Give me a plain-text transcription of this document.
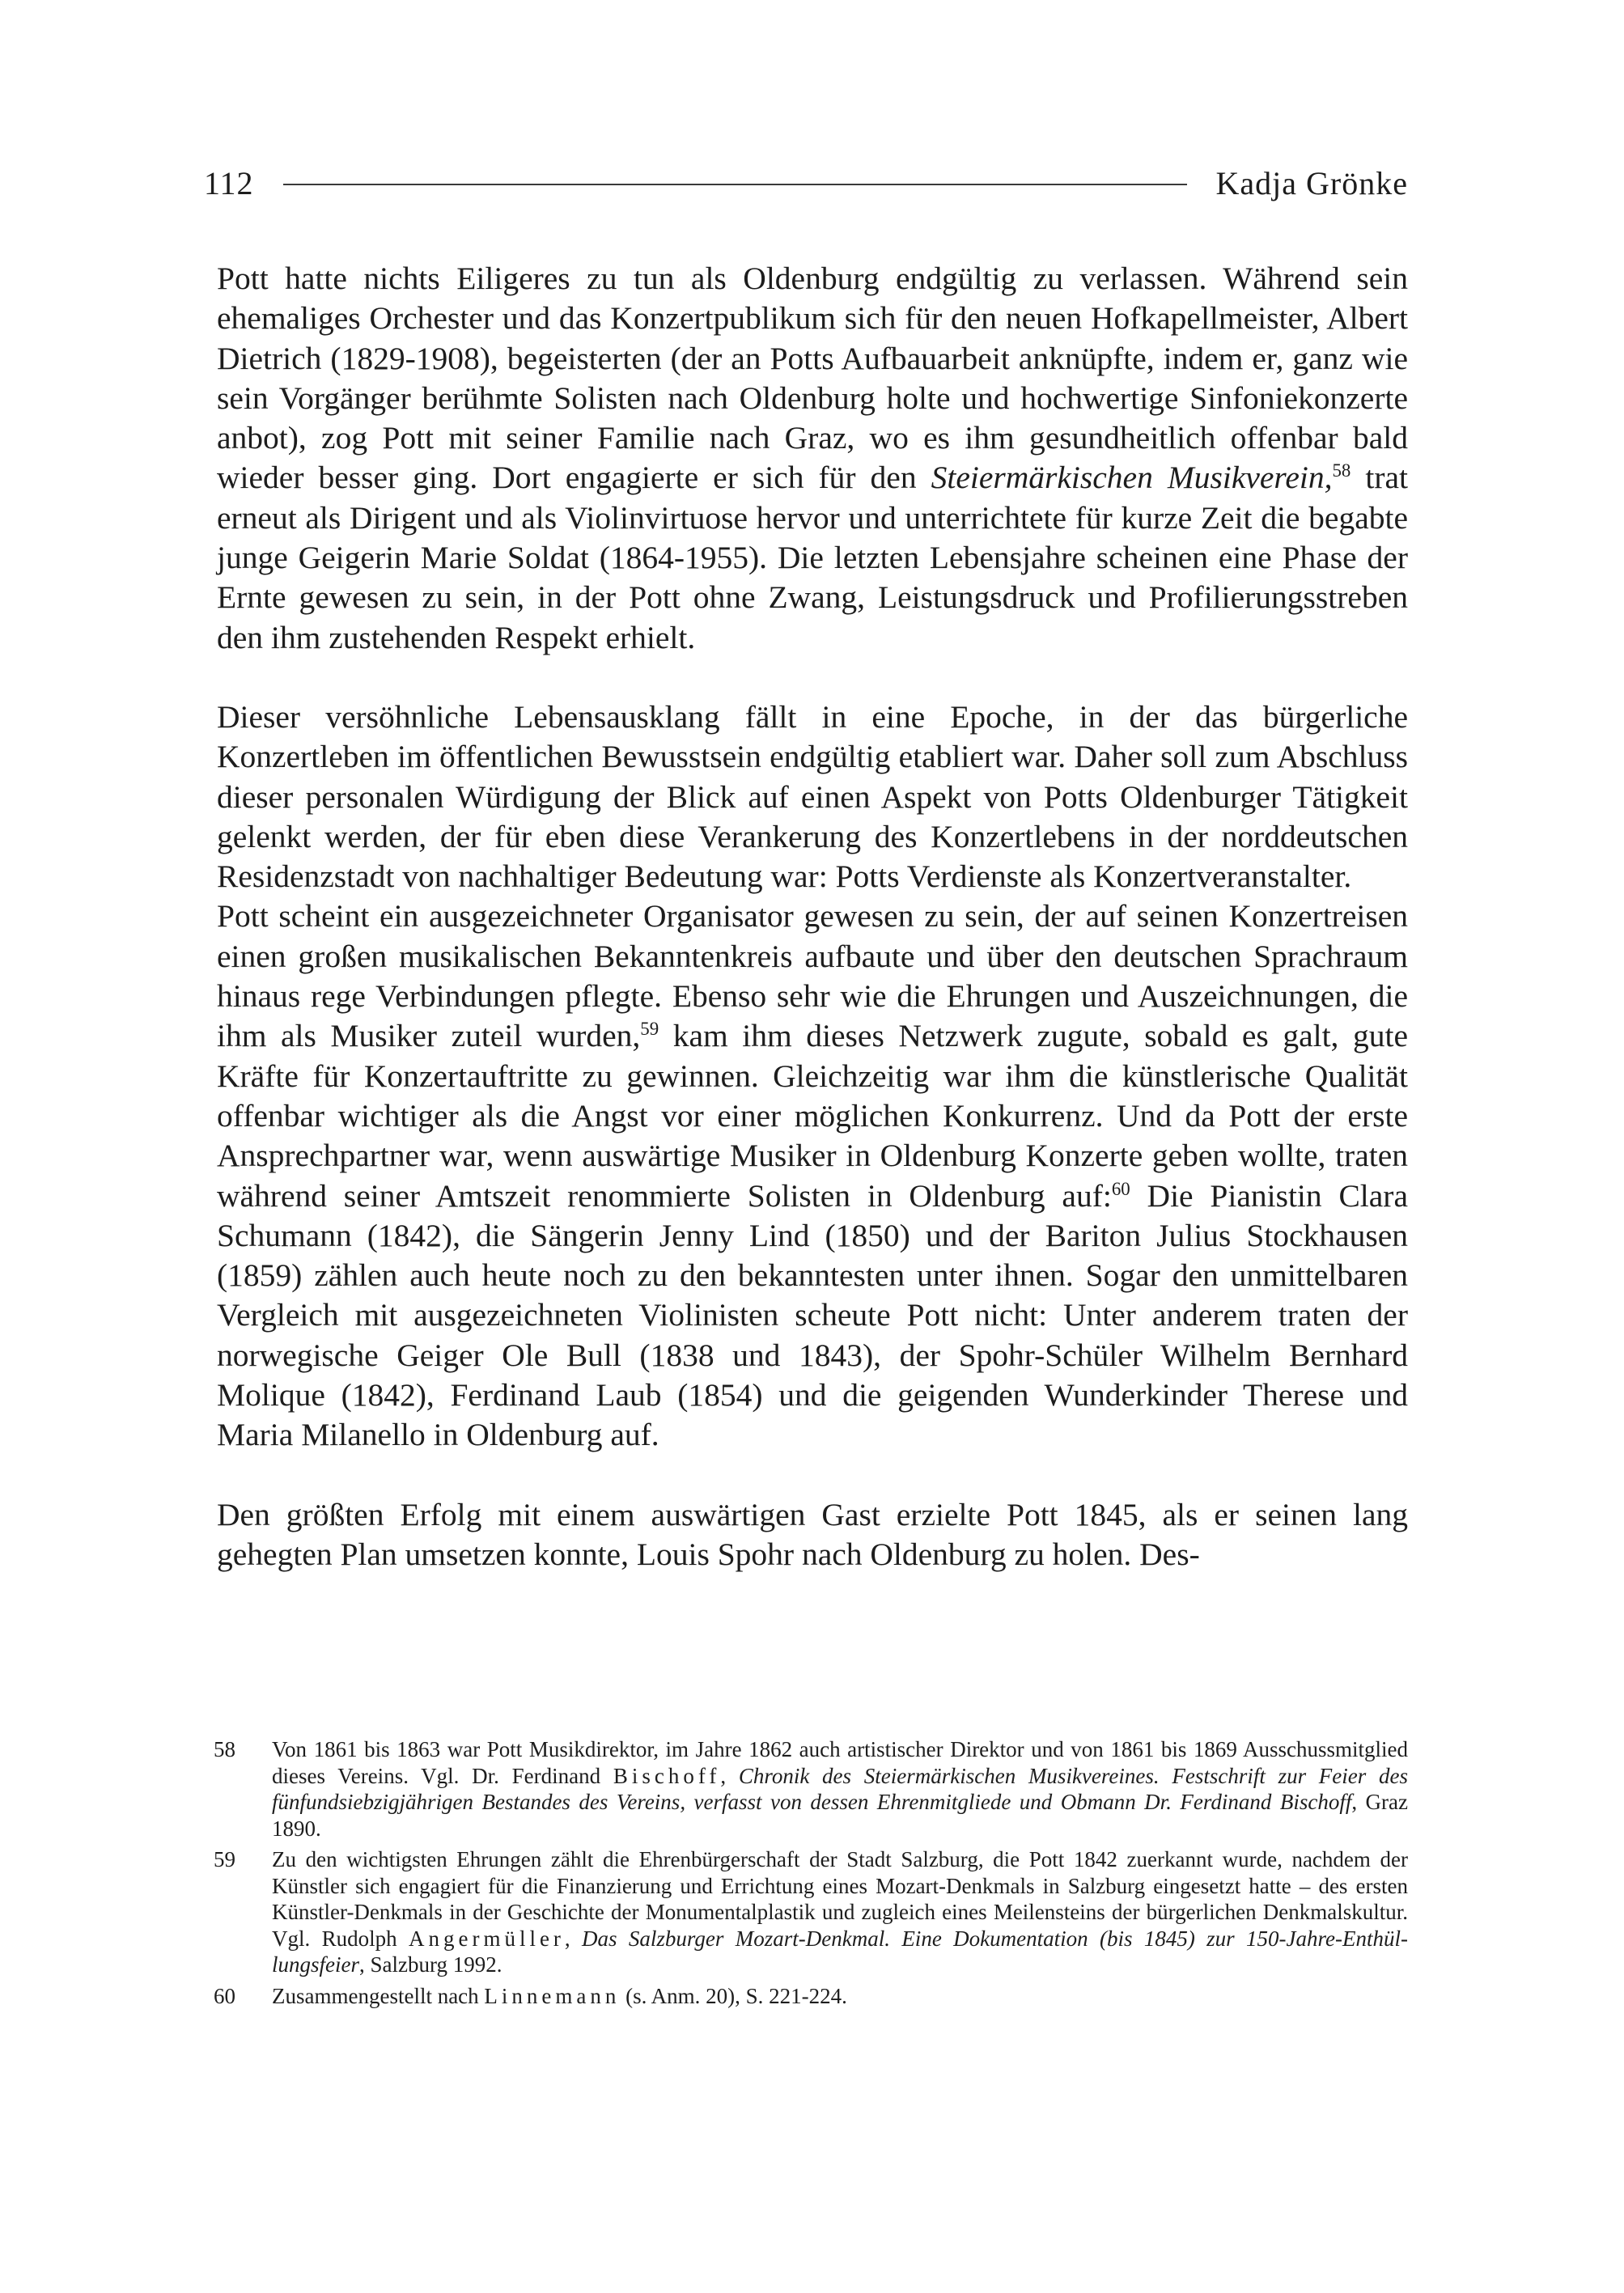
112	Kadja Grönke

Pott hatte nichts Eiligeres zu tun als Oldenburg endgültig zu verlassen. Während sein ehemaliges Orchester und das Konzertpublikum sich für den neuen Hofkapellmeister, Albert Dietrich (1829-1908), begeisterten (der an Potts Aufbauarbeit anknüpfte, indem er, ganz wie sein Vorgänger berühmte Solisten nach Oldenburg holte und hochwertige Sinfoniekonzerte anbot), zog Pott mit seiner Familie nach Graz, wo es ihm gesundheitlich offenbar bald wieder besser ging. Dort engagierte er sich für den Steiermärkischen Musikverein,$^{58}$ trat erneut als Dirigent und als Violinvirtuose hervor und unterrichtete für kurze Zeit die begabte junge Geigerin Marie Soldat (1864-1955). Die letzten Lebensjahre scheinen eine Phase der Ernte gewesen zu sein, in der Pott ohne Zwang, Leistungsdruck und Profilierungsstreben den ihm zustehenden Respekt erhielt.

Dieser versöhnliche Lebensausklang fällt in eine Epoche, in der das bürgerliche Konzertleben im öffentlichen Bewusstsein endgültig etabliert war. Daher soll zum Abschluss dieser personalen Würdigung der Blick auf einen Aspekt von Potts Oldenburger Tätigkeit gelenkt werden, der für eben diese Verankerung des Konzertlebens in der norddeutschen Residenzstadt von nachhaltiger Bedeutung war: Potts Verdienste als Konzertveranstalter.

Pott scheint ein ausgezeichneter Organisator gewesen zu sein, der auf seinen Konzertreisen einen großen musikalischen Bekanntenkreis aufbaute und über den deutschen Sprachraum hinaus rege Verbindungen pflegte. Ebenso sehr wie die Ehrungen und Auszeichnungen, die ihm als Musiker zuteil wurden,$^{59}$ kam ihm dieses Netzwerk zugute, sobald es galt, gute Kräfte für Konzertauftritte zu gewinnen. Gleichzeitig war ihm die künstlerische Qualität offenbar wichtiger als die Angst vor einer möglichen Konkurrenz. Und da Pott der erste Ansprechpartner war, wenn auswärtige Musiker in Oldenburg Konzerte geben wollte, traten während seiner Amtszeit renommierte Solisten in Oldenburg auf:$^{60}$ Die Pianistin Clara Schumann (1842), die Sängerin Jenny Lind (1850) und der Bariton Julius Stockhausen (1859) zählen auch heute noch zu den bekanntesten unter ihnen. Sogar den unmittelbaren Vergleich mit ausgezeichneten Violinisten scheute Pott nicht: Unter anderem traten der norwegische Geiger Ole Bull (1838 und 1843), der Spohr-Schüler Wilhelm Bernhard Molique (1842), Ferdinand Laub (1854) und die geigenden Wunderkinder Therese und Maria Milanello in Oldenburg auf.

Den größten Erfolg mit einem auswärtigen Gast erzielte Pott 1845, als er seinen lang gehegten Plan umsetzen konnte, Louis Spohr nach Oldenburg zu holen. Des-

58	Von 1861 bis 1863 war Pott Musikdirektor, im Jahre 1862 auch artistischer Direktor und von 1861 bis 1869 Ausschussmitglied dieses Vereins. Vgl. Dr. Ferdinand Bischoff, Chronik des Steiermärkischen Musikvereines. Festschrift zur Feier des fünfundsiebzigjährigen Bestandes des Vereins, verfasst von dessen Ehrenmitgliede und Obmann Dr. Ferdinand Bischoff, Graz 1890.
59	Zu den wichtigsten Ehrungen zählt die Ehrenbürgerschaft der Stadt Salzburg, die Pott 1842 zuerkannt wurde, nachdem der Künstler sich engagiert für die Finanzierung und Errichtung eines Mozart-Denkmals in Salzburg eingesetzt hatte – des ersten Künstler-Denkmals in der Geschichte der Monumentalplastik und zugleich eines Meilensteins der bürgerlichen Denkmalskultur. Vgl. Rudolph Angermüller, Das Salzburger Mozart-Denkmal. Eine Dokumentation (bis 1845) zur 150-Jahre-Enthüllungsfeier, Salzburg 1992.
60	Zusammengestellt nach Linnemann (s. Anm. 20), S. 221-224.
